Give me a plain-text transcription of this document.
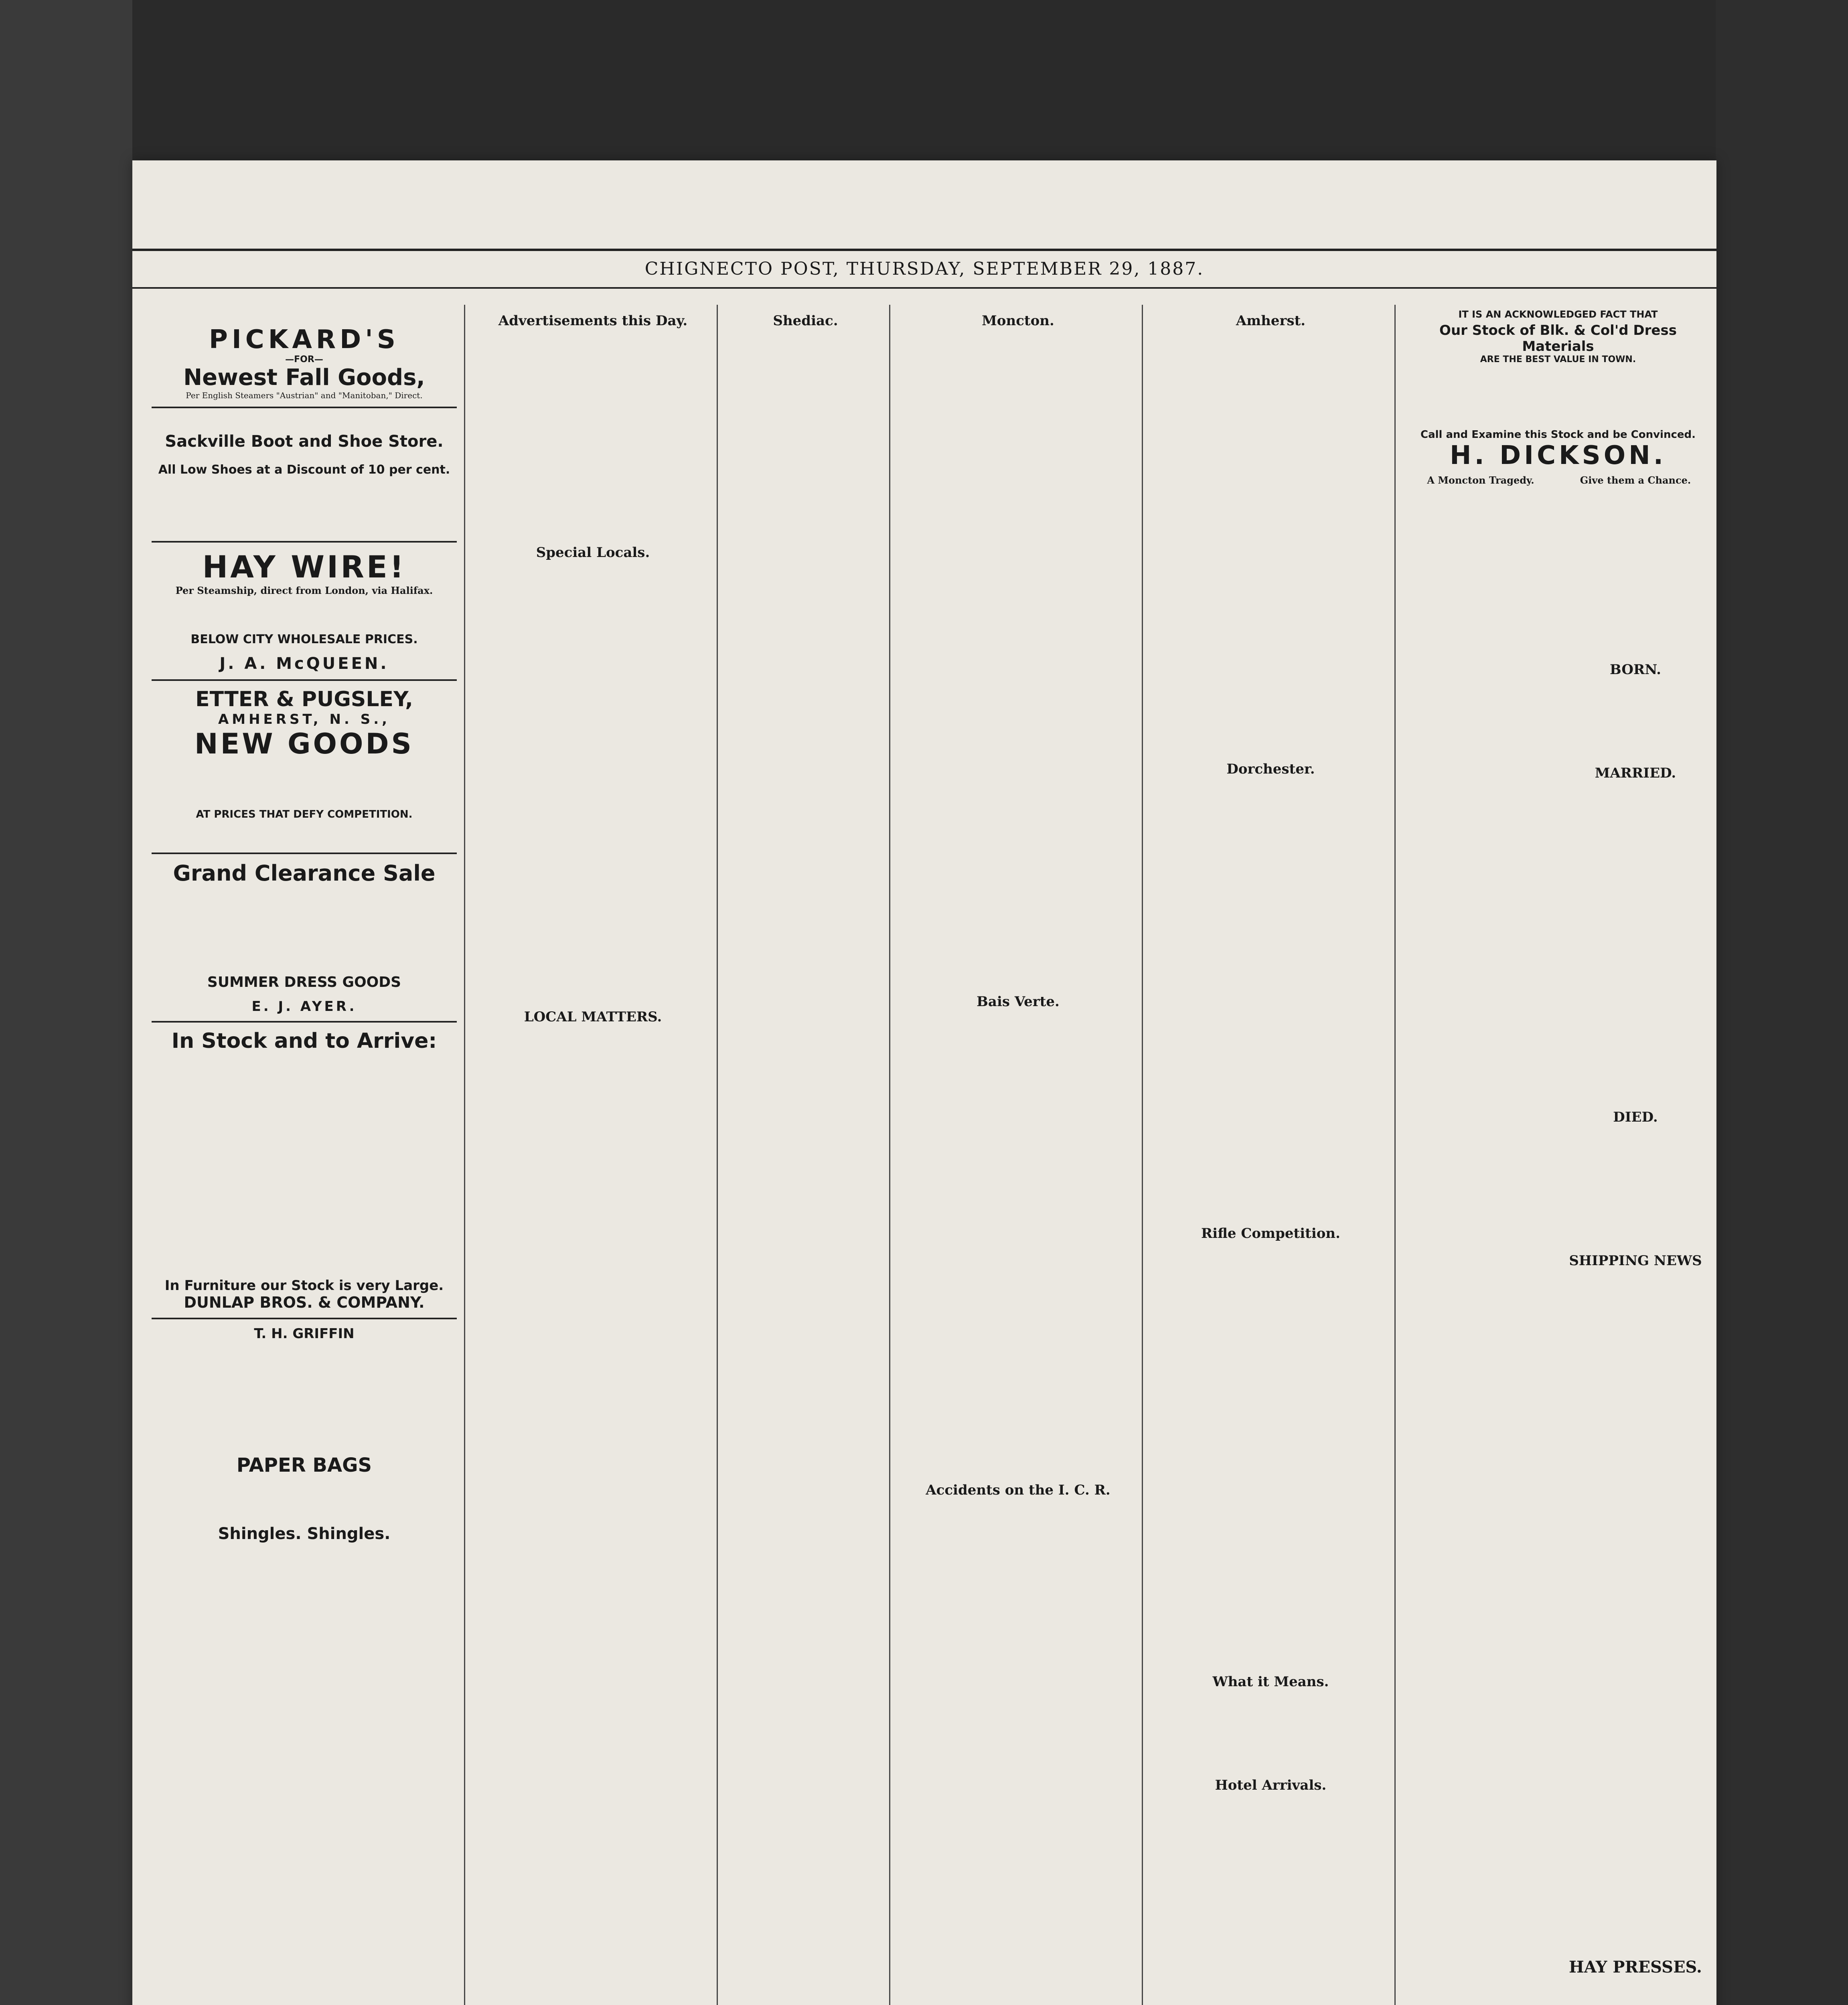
CHIGNECTO POST, THURSDAY, SEPTEMBER 29, 1887.
PICKARD'S
—FOR—
Newest Fall Goods,
Per English Steamers "Austrian" and "Manitoban," Direct.
Sackville Boot and Shoe Store.
All Low Shoes at a Discount of 10 per cent.
HAY WIRE!
Per Steamship, direct from London, via Halifax.
BELOW CITY WHOLESALE PRICES.
J. A. McQUEEN.
ETTER & PUGSLEY,
AMHERST, N. S.,
NEW GOODS
AT PRICES THAT DEFY COMPETITION.
Grand Clearance Sale
SUMMER DRESS GOODS
E. J. AYER.
In Stock and to Arrive:
In Furniture our Stock is very Large.
DUNLAP BROS. & COMPANY.
T. H. GRIFFIN
PAPER BAGS
Shingles. Shingles.
Advertisements this Day.
Special Locals.
LOCAL MATTERS.
Shediac.	Moncton.
Bais Verte.
Accidents on the I. C. R.
Amherst.
Dorchester.
Rifle Competition.
What it Means.
Hotel Arrivals.
IT IS AN ACKNOWLEDGED FACT THAT
Our Stock of Blk. & Col'd Dress Materials
ARE THE BEST VALUE IN TOWN.
Call and Examine this Stock and be Convinced.
H. DICKSON.
A Moncton Tragedy.	Give them a Chance.
BORN.
MARRIED.
DIED.
SHIPPING NEWS
HAY PRESSES.
